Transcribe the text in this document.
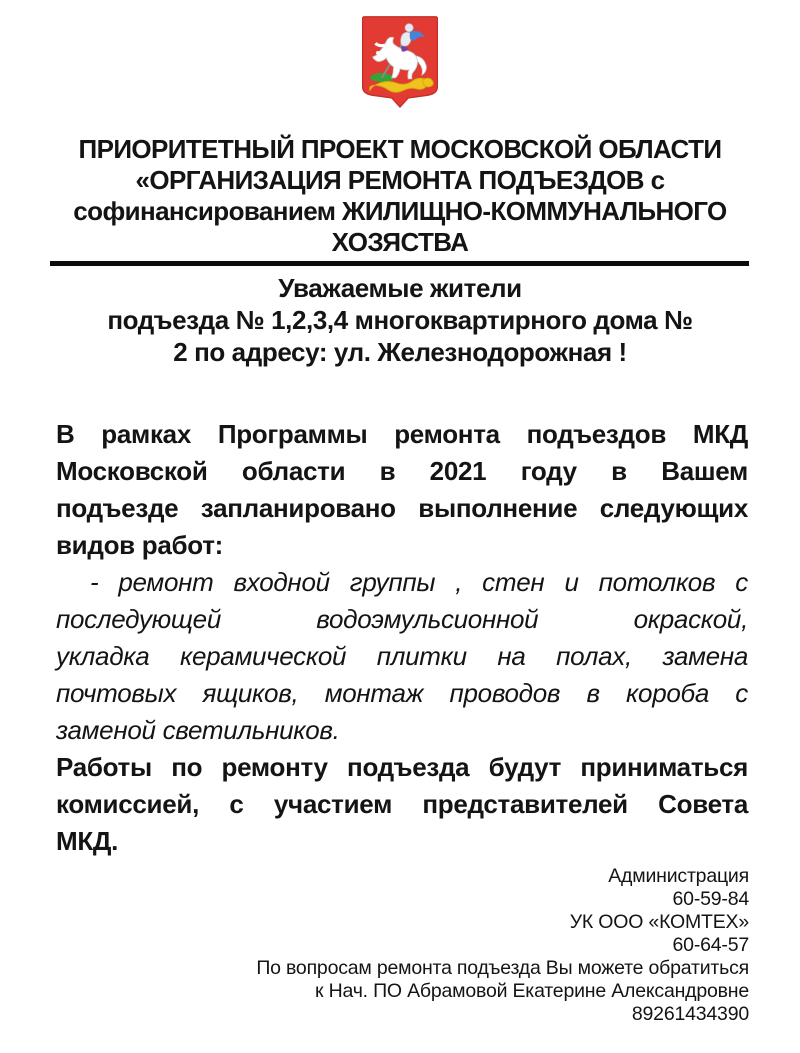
ПРИОРИТЕТНЫЙ ПРОЕКТ МОСКОВСКОЙ ОБЛАСТИ
«ОРГАНИЗАЦИЯ РЕМОНТА ПОДЪЕЗДОВ с
софинансированием ЖИЛИЩНО-КОММУНАЛЬНОГО
ХОЗЯСТВА
Уважаемые жители
подъезда № 1,2,3,4 многоквартирного дома №
2 по адресу: ул. Железнодорожная !
В рамках Программы ремонта подъездов МКД
Московской области в 2021 году в Вашем
подъезде запланировано выполнение следующих
видов работ:
- ремонт входной группы , стен и потолков с
последующей водоэмульсионной окраской,
укладка керамической плитки на полах, замена
почтовых ящиков, монтаж проводов в короба с
заменой светильников.
Работы по ремонту подъезда будут приниматься
комиссией, с участием представителей Совета
МКД.
Администрация
60-59-84
УК ООО «КОМТЕХ»
60-64-57
По вопросам ремонта подъезда Вы можете обратиться
к Нач. ПО Абрамовой Екатерине Александровне
89261434390
